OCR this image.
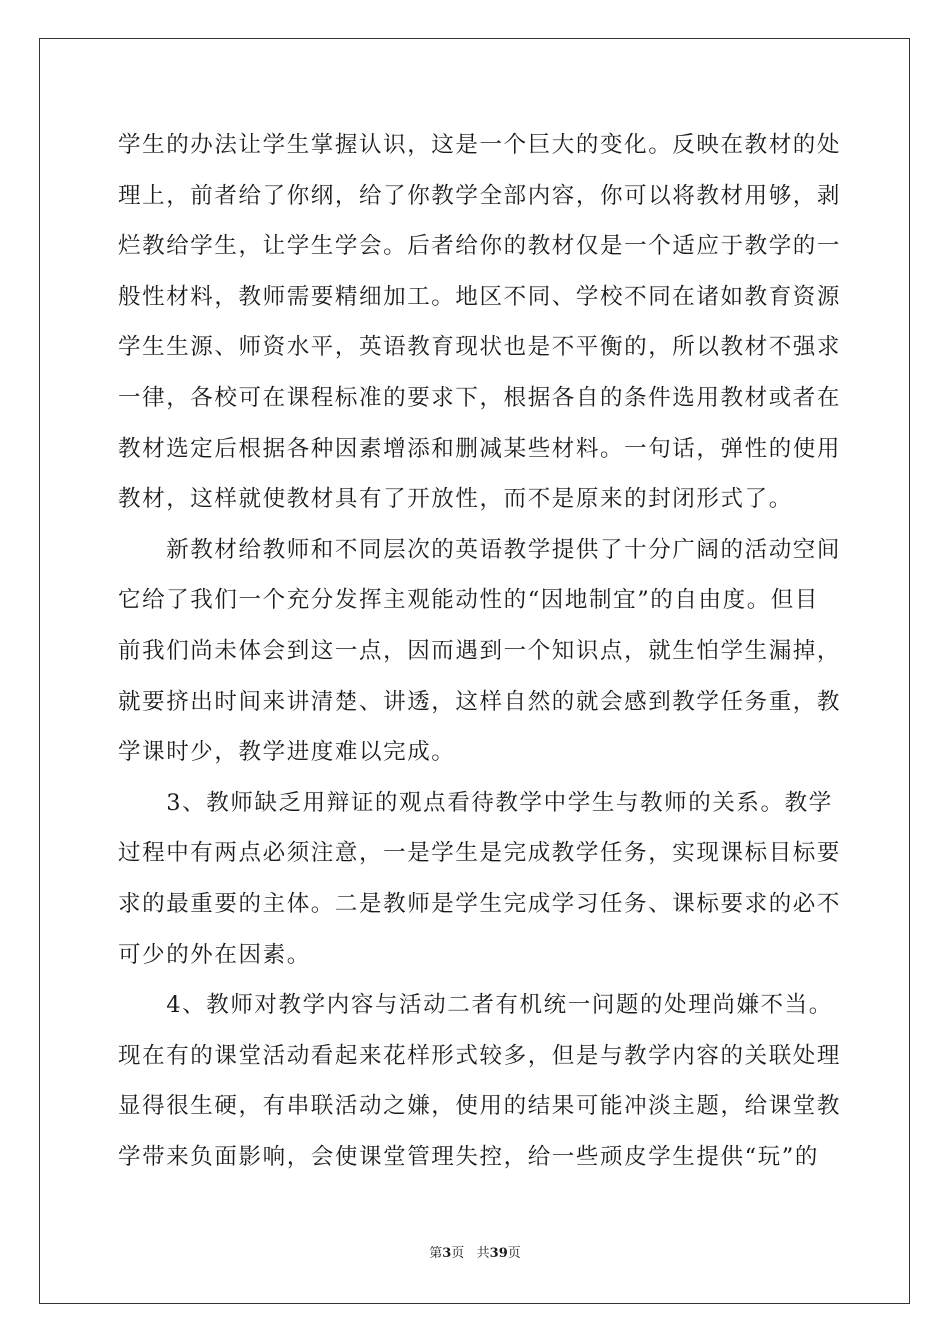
学生的办法让学生掌握认识，这是一个巨大的变化。反映在教材的处
理上，前者给了你纲，给了你教学全部内容，你可以将教材用够，剥
烂教给学生，让学生学会。后者给你的教材仅是一个适应于教学的一
般性材料，教师需要精细加工。地区不同、学校不同在诸如教育资源
学生生源、师资水平，英语教育现状也是不平衡的，所以教材不强求
一律，各校可在课程标准的要求下，根据各自的条件选用教材或者在
教材选定后根据各种因素增添和删减某些材料。一句话，弹性的使用
教材，这样就使教材具有了开放性，而不是原来的封闭形式了。
　　新教材给教师和不同层次的英语教学提供了十分广阔的活动空间
它给了我们一个充分发挥主观能动性的“因地制宜”的自由度。但目
前我们尚未体会到这一点，因而遇到一个知识点，就生怕学生漏掉，
就要挤出时间来讲清楚、讲透，这样自然的就会感到教学任务重，教
学课时少，教学进度难以完成。
　　3、教师缺乏用辩证的观点看待教学中学生与教师的关系。教学
过程中有两点必须注意，一是学生是完成教学任务，实现课标目标要
求的最重要的主体。二是教师是学生完成学习任务、课标要求的必不
可少的外在因素。
　　4、教师对教学内容与活动二者有机统一问题的处理尚嫌不当。
现在有的课堂活动看起来花样形式较多，但是与教学内容的关联处理
显得很生硬，有串联活动之嫌，使用的结果可能冲淡主题，给课堂教
学带来负面影响，会使课堂管理失控，给一些顽皮学生提供“玩”的
第3页   共39页
